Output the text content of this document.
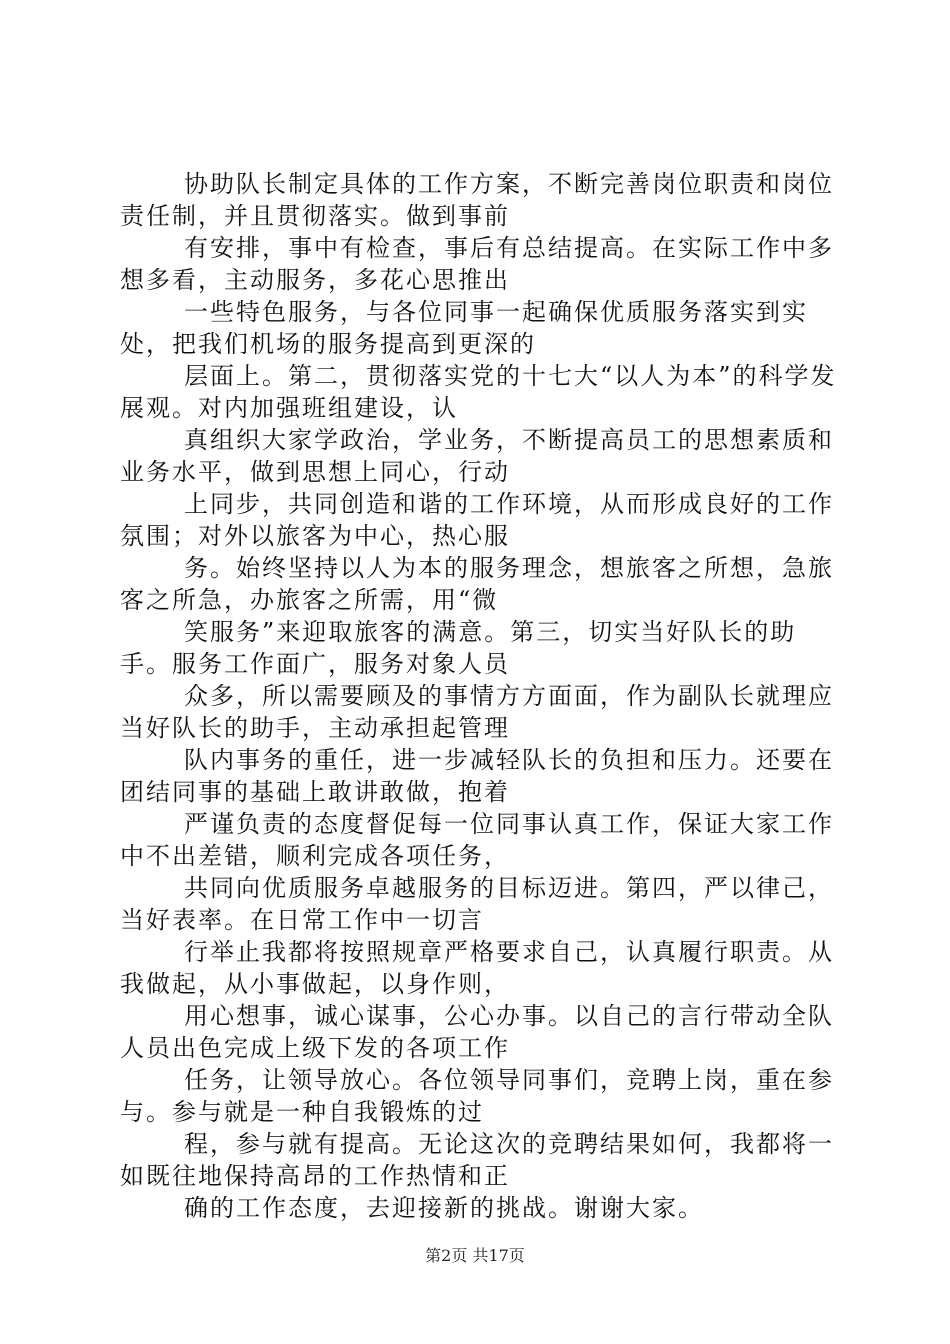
协助队长制定具体的工作方案，不断完善岗位职责和岗位责任制，并且贯彻落实。做到事前

有安排，事中有检查，事后有总结提高。在实际工作中多想多看，主动服务，多花心思推出

一些特色服务，与各位同事一起确保优质服务落实到实处，把我们机场的服务提高到更深的

层面上。第二，贯彻落实党的十七大“以人为本”的科学发展观。对内加强班组建设，认

真组织大家学政治，学业务，不断提高员工的思想素质和业务水平，做到思想上同心，行动

上同步，共同创造和谐的工作环境，从而形成良好的工作氛围；对外以旅客为中心，热心服

务。始终坚持以人为本的服务理念，想旅客之所想，急旅客之所急，办旅客之所需，用“微

笑服务”来迎取旅客的满意。第三，切实当好队长的助手。服务工作面广，服务对象人员

众多，所以需要顾及的事情方方面面，作为副队长就理应当好队长的助手，主动承担起管理

队内事务的重任，进一步减轻队长的负担和压力。还要在团结同事的基础上敢讲敢做，抱着

严谨负责的态度督促每一位同事认真工作，保证大家工作中不出差错，顺利完成各项任务，

共同向优质服务卓越服务的目标迈进。第四，严以律己，当好表率。在日常工作中一切言

行举止我都将按照规章严格要求自己，认真履行职责。从我做起，从小事做起，以身作则，

用心想事，诚心谋事，公心办事。以自己的言行带动全队人员出色完成上级下发的各项工作

任务，让领导放心。各位领导同事们，竞聘上岗，重在参与。参与就是一种自我锻炼的过

程，参与就有提高。无论这次的竞聘结果如何，我都将一如既往地保持高昂的工作热情和正

确的工作态度，去迎接新的挑战。谢谢大家。

第2页 共17页
